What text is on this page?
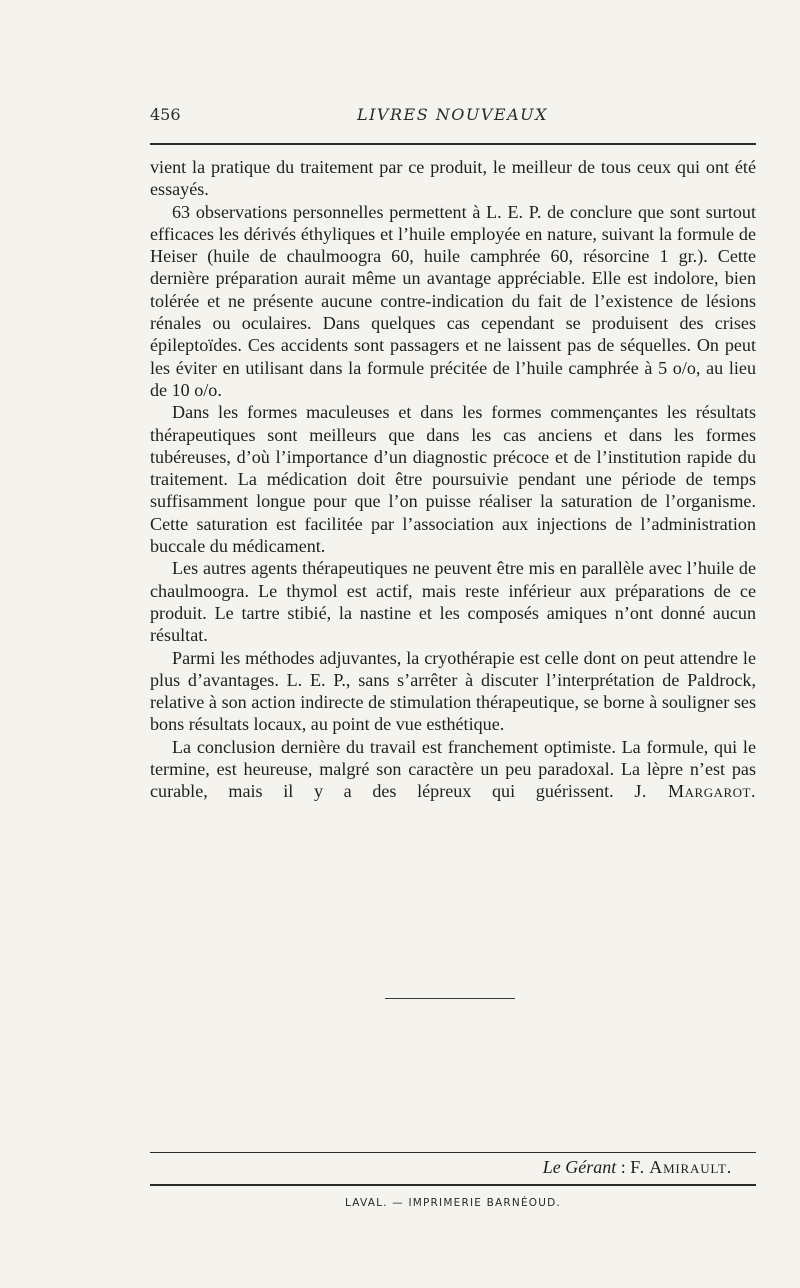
456	LIVRES NOUVEAUX

vient la pratique du traitement par ce produit, le meilleur de tous ceux qui ont été essayés.

63 observations personnelles permettent à L. E. P. de conclure que sont surtout efficaces les dérivés éthyliques et l’huile employée en nature, suivant la formule de Heiser (huile de chaulmoogra 60, huile camphrée 60, résorcine 1 gr.). Cette dernière préparation aurait même un avantage appréciable. Elle est indolore, bien tolérée et ne présente aucune contre-indication du fait de l’existence de lésions rénales ou oculaires. Dans quelques cas cependant se produisent des crises épileptoïdes. Ces accidents sont passagers et ne laissent pas de séquelles. On peut les éviter en utilisant dans la formule précitée de l’huile camphrée à 5 o/o, au lieu de 10 o/o.

Dans les formes maculeuses et dans les formes commençantes les résultats thérapeutiques sont meilleurs que dans les cas anciens et dans les formes tubéreuses, d’où l’importance d’un diagnostic précoce et de l’institution rapide du traitement. La médication doit être poursuivie pendant une période de temps suffisamment longue pour que l’on puisse réaliser la saturation de l’organisme. Cette saturation est facilitée par l’association aux injections de l’administration buccale du médicament.

Les autres agents thérapeutiques ne peuvent être mis en parallèle avec l’huile de chaulmoogra. Le thymol est actif, mais reste inférieur aux préparations de ce produit. Le tartre stibié, la nastine et les composés amiques n’ont donné aucun résultat.

Parmi les méthodes adjuvantes, la cryothérapie est celle dont on peut attendre le plus d’avantages. L. E. P., sans s’arrêter à discuter l’interprétation de Paldrock, relative à son action indirecte de stimulation thérapeutique, se borne à souligner ses bons résultats locaux, au point de vue esthétique.

La conclusion dernière du travail est franchement optimiste. La formule, qui le termine, est heureuse, malgré son caractère un peu paradoxal. La lèpre n’est pas curable, mais il y a des lépreux qui guérissent. J. Margarot.

Le Gérant : F. Amirault.
LAVAL. — IMPRIMERIE BARNÉOUD.
